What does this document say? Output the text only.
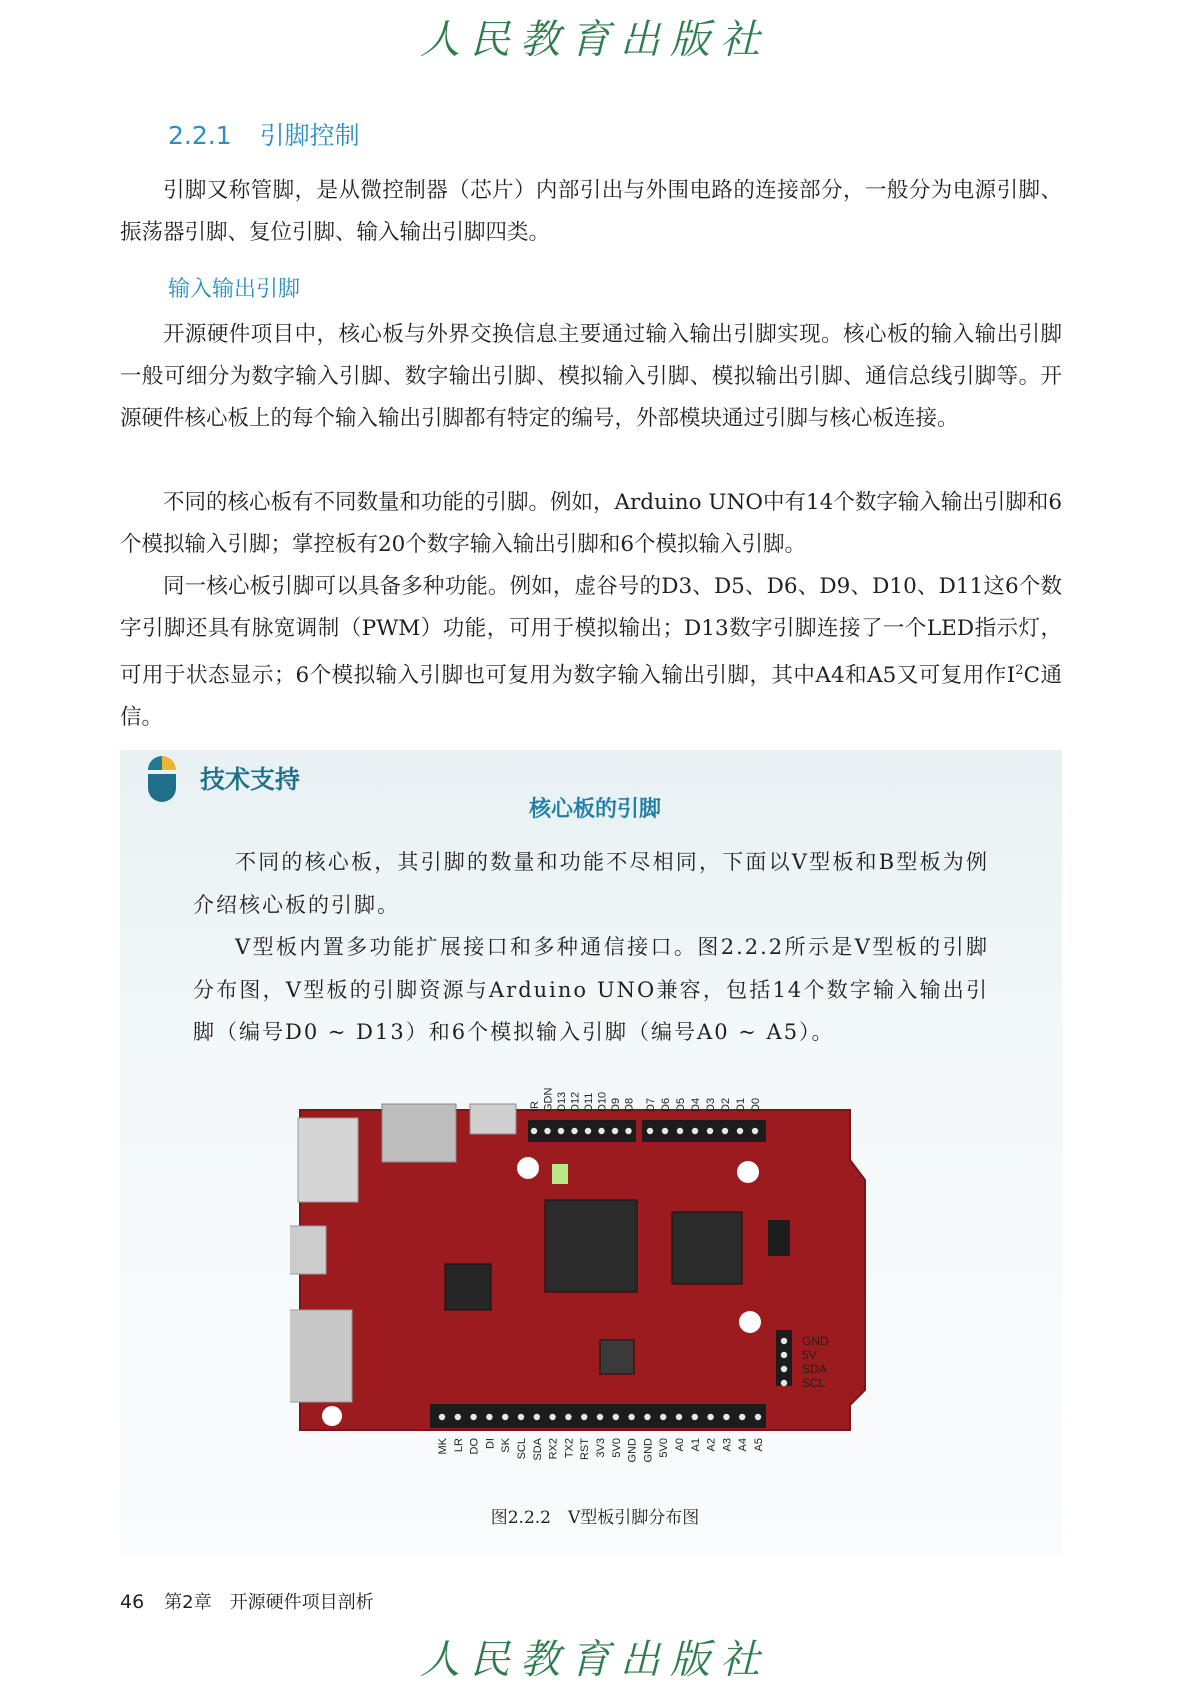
人民教育出版社
2.2.1 引脚控制
引脚又称管脚，是从微控制器（芯片）内部引出与外围电路的连接部分，一般分为电源引脚、振荡器引脚、复位引脚、输入输出引脚四类。
输入输出引脚
开源硬件项目中，核心板与外界交换信息主要通过输入输出引脚实现。核心板的输入输出引脚一般可细分为数字输入引脚、数字输出引脚、模拟输入引脚、模拟输出引脚、通信总线引脚等。开源硬件核心板上的每个输入输出引脚都有特定的编号，外部模块通过引脚与核心板连接。
不同的核心板有不同数量和功能的引脚。例如，Arduino UNO中有14个数字输入输出引脚和6个模拟输入引脚；掌控板有20个数字输入输出引脚和6个模拟输入引脚。
同一核心板引脚可以具备多种功能。例如，虚谷号的D3、D5、D6、D9、D10、D11这6个数字引脚还具有脉宽调制（PWM）功能，可用于模拟输出；D13数字引脚连接了一个LED指示灯，可用于状态显示；6个模拟输入引脚也可复用为数字输入输出引脚，其中A4和A5又可复用作$I^2C$通信。
技术支持
核心板的引脚
不同的核心板，其引脚的数量和功能不尽相同，下面以V型板和B型板为例介绍核心板的引脚。
V型板内置多功能扩展接口和多种通信接口。图2.2.2所示是V型板的引脚分布图，V型板的引脚资源与Arduino UNO兼容，包括14个数字输入输出引脚（编号D0 ~ D13）和6个模拟输入引脚（编号A0 ~ A5）。
IR GDN D13 D12 D11 D10 D9 D8 D7 D6 D5 D4 D3 D2 D1 D0
MK LR DO DI SK SCL SDA RX2 TX2 RST 3V3 5V0 GND GND 5V0 A0 A1 A2 A3 A4 A5
GND
5V
SDA
SCL
图2.2.2　V型板引脚分布图
46 第2章 开源硬件项目剖析
人民教育出版社
